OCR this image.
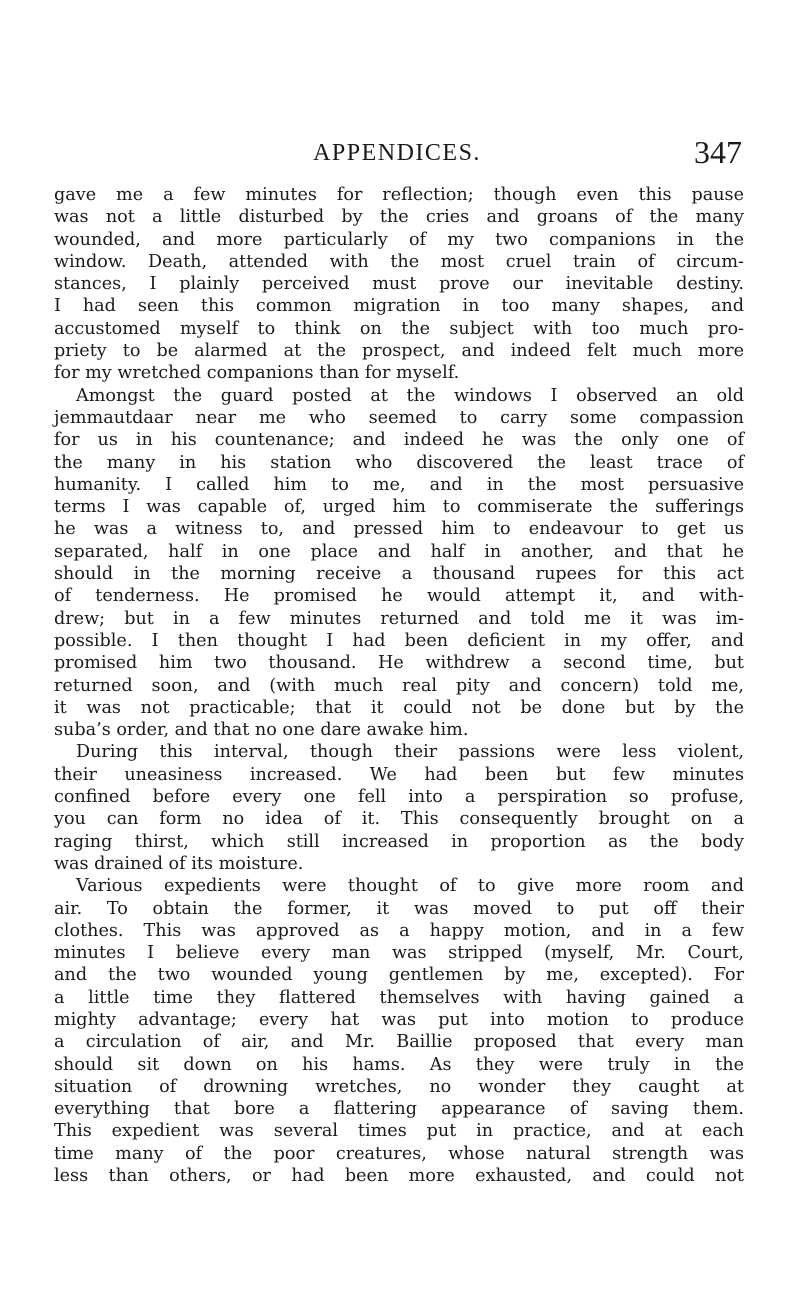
APPENDICES.	347
gave me a few minutes for reflection; though even this pause
was not a little disturbed by the cries and groans of the many
wounded, and more particularly of my two companions in the
window. Death, attended with the most cruel train of circum-
stances, I plainly perceived must prove our inevitable destiny.
I had seen this common migration in too many shapes, and
accustomed myself to think on the subject with too much pro-
priety to be alarmed at the prospect, and indeed felt much more
for my wretched companions than for myself.
Amongst the guard posted at the windows I observed an old
jemmautdaar near me who seemed to carry some compassion
for us in his countenance; and indeed he was the only one of
the many in his station who discovered the least trace of
humanity. I called him to me, and in the most persuasive
terms I was capable of, urged him to commiserate the sufferings
he was a witness to, and pressed him to endeavour to get us
separated, half in one place and half in another, and that he
should in the morning receive a thousand rupees for this act
of tenderness. He promised he would attempt it, and with-
drew; but in a few minutes returned and told me it was im-
possible. I then thought I had been deficient in my offer, and
promised him two thousand. He withdrew a second time, but
returned soon, and (with much real pity and concern) told me,
it was not practicable; that it could not be done but by the
suba’s order, and that no one dare awake him.
During this interval, though their passions were less violent,
their uneasiness increased. We had been but few minutes
confined before every one fell into a perspiration so profuse,
you can form no idea of it. This consequently brought on a
raging thirst, which still increased in proportion as the body
was drained of its moisture.
Various expedients were thought of to give more room and
air. To obtain the former, it was moved to put off their
clothes. This was approved as a happy motion, and in a few
minutes I believe every man was stripped (myself, Mr. Court,
and the two wounded young gentlemen by me, excepted). For
a little time they flattered themselves with having gained a
mighty advantage; every hat was put into motion to produce
a circulation of air, and Mr. Baillie proposed that every man
should sit down on his hams. As they were truly in the
situation of drowning wretches, no wonder they caught at
everything that bore a flattering appearance of saving them.
This expedient was several times put in practice, and at each
time many of the poor creatures, whose natural strength was
less than others, or had been more exhausted, and could not
